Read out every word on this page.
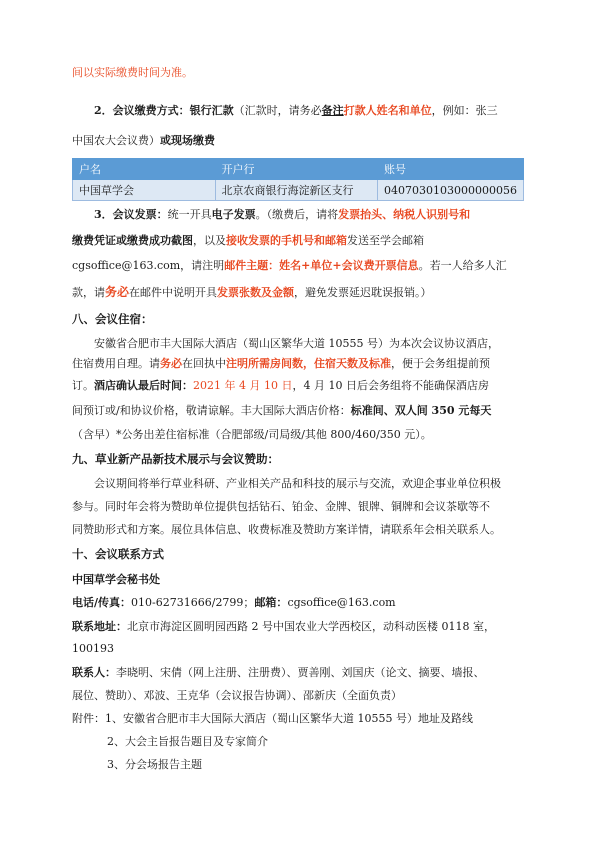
间以实际缴费时间为准。
2．会议缴费方式：银行汇款（汇款时，请务必备注打款人姓名和单位，例如：张三
中国农大会议费）或现场缴费
户名	开户行	账号
中国草学会	北京农商银行海淀新区支行	0407030103000000056
3．会议发票：统一开具电子发票。（缴费后，请将发票抬头、纳税人识别号和
缴费凭证或缴费成功截图，以及接收发票的手机号和邮箱发送至学会邮箱
cgsoffice@163.com，请注明邮件主题：姓名+单位+会议费开票信息。若一人给多人汇
款，请务必在邮件中说明开具发票张数及金额，避免发票延迟耽误报销。）
八、会议住宿：
安徽省合肥市丰大国际大酒店（蜀山区繁华大道 10555 号）为本次会议协议酒店，
住宿费用自理。请务必在回执中注明所需房间数，住宿天数及标准，便于会务组提前预
订。酒店确认最后时间：2021 年 4 月 10 日，4 月 10 日后会务组将不能确保酒店房
间预订或/和协议价格，敬请谅解。丰大国际大酒店价格：标准间、双人间 350 元每天
（含早）*公务出差住宿标准（合肥部级/司局级/其他 800/460/350 元）。
九、草业新产品新技术展示与会议赞助：
会议期间将举行草业科研、产业相关产品和科技的展示与交流，欢迎企事业单位积极
参与。同时年会将为赞助单位提供包括钻石、铂金、金牌、银牌、铜牌和会议茶歇等不
同赞助形式和方案。展位具体信息、收费标准及赞助方案详情，请联系年会相关联系人。
十、会议联系方式
中国草学会秘书处
电话/传真：010-62731666/2799；邮箱：cgsoffice@163.com
联系地址：北京市海淀区圆明园西路 2 号中国农业大学西校区，动科动医楼 0118 室，
100193
联系人：李晓明、宋倩（网上注册、注册费）、贾善刚、刘国庆（论文、摘要、墙报、
展位、赞助）、邓波、王克华（会议报告协调）、邵新庆（全面负责）
附件：1、安徽省合肥市丰大国际大酒店（蜀山区繁华大道 10555 号）地址及路线
2、大会主旨报告题目及专家简介
3、分会场报告主题
